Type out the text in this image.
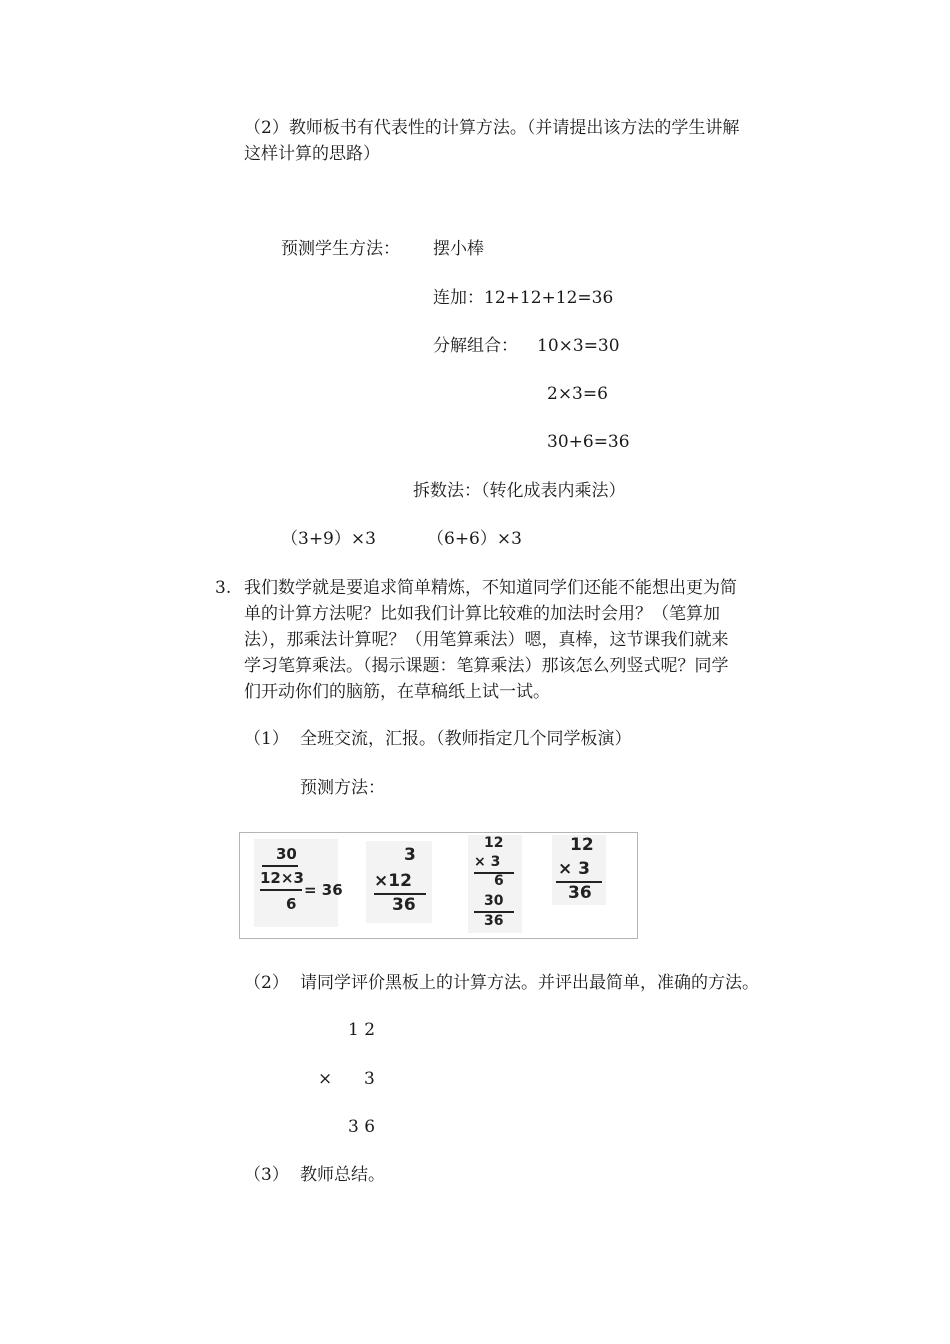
（2）教师板书有代表性的计算方法。（并请提出该方法的学生讲解
这样计算的思路）
预测学生方法： 摆小棒
连加：12+12+12=36
分解组合： 10×3=30
2×3=6
30+6=36
拆数法：（转化成表内乘法）
（3+9）×3	（6+6）×3
3. 我们数学就是要追求简单精炼，不知道同学们还能不能想出更为简
单的计算方法呢？比如我们计算比较难的加法时会用？（笔算加
法），那乘法计算呢？（用笔算乘法）嗯，真棒，这节课我们就来
学习笔算乘法。（揭示课题：笔算乘法）那该怎么列竖式呢？同学
们开动你们的脑筋，在草稿纸上试一试。
（1） 全班交流，汇报。（教师指定几个同学板演）
预测方法：
30
12×3
= 36
6
3
×12
36
12
× 3
6
30
36
12
× 3
36
（2） 请同学评价黑板上的计算方法。并评出最简单，准确的方法。
1 2
× 3
3 6
（3） 教师总结。
